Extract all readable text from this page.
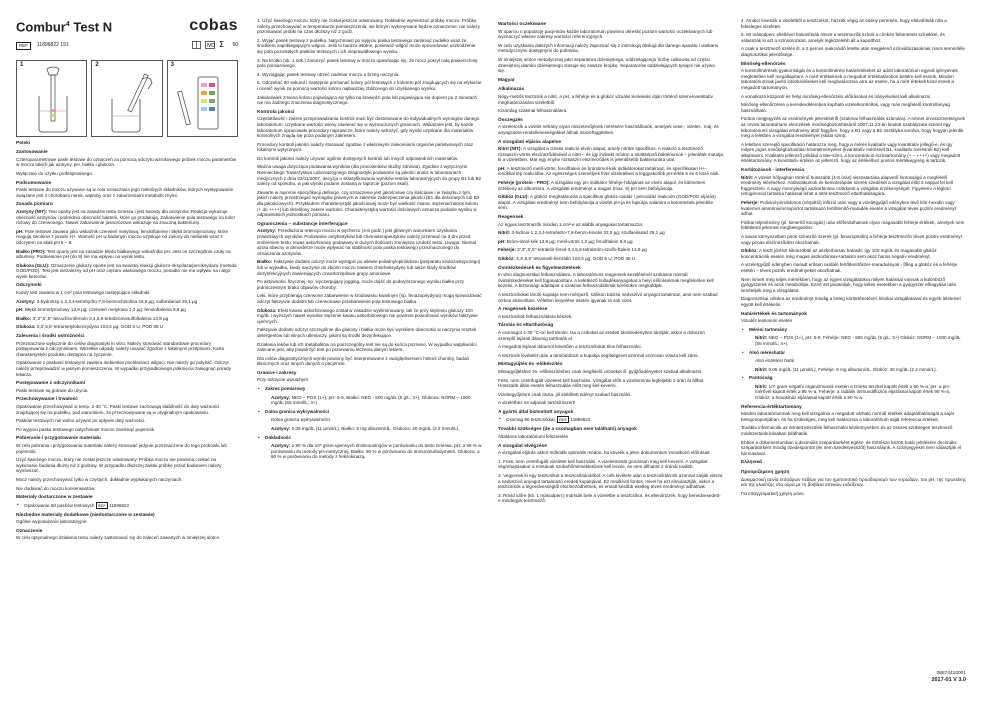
Combur$^4$ Test N	cobas
REF	11896822 191	IVD Σ 50
1	2	3
Polski
Zastosowanie

Czteroparametrowe paski testowe do oznaczeń za pomocą odczytu wzrokowego próbek moczu parametrów w moczu takich jak azotyny, pH, białko i glukoza.

Wyłącznie do użytku profesjonalnego.

Podsumowanie

Paski testowe do moczu używane są w celu oznaczania jego niektórych składników, których występowanie związane jest z chorobami nerek, wątroby oraz z zaburzeniami metabolicznymi.

Zasada pomiaru

Azotyny (NIT): Test oparty jest na zasadzie testu Griessa i jest swoisty dla azotynów. Reakcja wykazuje obecność azotynów i pośrednio obecność bakterii, które go produkują. Zabarwienie pola testowego na kolor różowy do czerwonego. Nawet zabarwienie jasnoróżowe wskazuje na znaczną bakteriurię.

pH: Pole testowe zawiera jako wskaźnik czerwień metylową, fenoloftaleinę i błękit bromotymolowy, które reagują swoiście z jonami H+. Wartość pH w badanym moczu uzyskuje od zielony do niebieski wraz z odczytem na skali pH 5 – 9.

Białko (PRO): Test oparty jest na zasadzie błędu białkowego wskaźnika pH. Jest on szczególnie czuły na albuminy. Podniesione pH (do 9) nie ma wpływu na wynik testu.

Glukoza (GLU): Oznaczenie glukozy oparte jest na swoistej reakcji glukozo-oksydaza/peroksydaza (metoda GOD/POD). Test jest niezależny od pH oraz ciężaru właściwego moczu, ponadto nie ma wpływu na niego wynik ketonów.

Odczynniki

Każdy test zawiera w 1 cm² pola testowego następujące składniki:

Azotyny: 3-hydroksy-1,2,3,4-tetrahydro-7,8-benzochinolina 33,5 µg; sulfanilamid 29,1 µg

pH: Błękit bromotymolowy 13,9 µg; czerwień metylowa 1,2 µg; fenoloftaleina 8,6 µg

Białko: 3',3'',5',5''-tetrachlorofenolo-3,4,5,6-tetrabromosulfoftaleina 13,9 µg

Glukoza: 3,3',5,5'-tetrametylobenzydyna 103,5 µg; GOD 6 U, POD 35 U

Zalecenia i środki ostrożności

Przeznaczone wyłącznie do celów diagnostyki in vitro. Należy stosować standardowe procedury postępowania z odczynnikami. Wszelkie odpady należy usuwać zgodnie z lokalnymi przepisami. Karta charakterystyki produktu dostępna na życzenie.

Opakowanie z paskami testowymi zawiera niebieskie pochłaniacz wilgoci. Nie należy go połykać. Odczyt należy przeprowadzić w jasnym pomieszczeniu. W wypadku przypadkowego połknięcia zasięgnąć porady lekarza.

Postępowanie z odczynnikami

Paski testowe są gotowe do użycia.

Przechowywanie i trwałość

Opakowanie przechowywać w temp. 2-30 °C. Paski testowe zachowują stabilność do daty ważności znajdującej się na pudełku, pod warunkiem, że przechowywane są w oryginalnym opakowaniu.

Pasków testowych nie wolno używać po upływie daty ważności.

Po wyjęciu paska testowego natychmiast mocno zamknąć pojemnik.

Pobieranie i przygotowanie materiału

W celu pobrania i przygotowania materiału należy stosować jedynie przeznaczone do tego probówki lub pojemniki.

Użyć świeżego moczu, który nie został jeszcze odwirowany. Próbka moczu nie powinna czekać na wykonanie badania dłużej niż 2 godziny. W przypadku dłuższej zwłoki próbkę przed badaniem należy wymieszać.

Mocz należy przechowywać tylko w czystych, dokładnie wypłukanych naczyniach.

Nie dodawać do moczu konserwantów.

Materiały dostarczone w zestawie

• Opakowanie 50 pasków testowych REF 11896822

Niezbędne materiały dodatkowe (niedostarczone w zestawie)

Ogólne wyposażenie laboratoryjne

Oznaczenie

W celu optymalnego działania testu należy zastosować się do zaleceń zawartych w niniejszej ulotce.

1. Użyć świeżego moczu, który nie został jeszcze odwirowany. Dokładnie wymieszać próbkę moczu. Próbkę należy przechowywać w temperaturze pomieszczenia, we którym wykonywane będzie oznaczenie: nie należy pozostawiać próbki na czas dłuższy niż 2 godz.

2. Wyjąć pasek testowy z pudełka. Natychmiast po wyjęciu paska testowego zamknąć pudełko wraz ze środkiem zapobiegającym wilgoci. Jeśli to bardzo istotne, ponieważ wilgoć może spowodować uszkodzenie się pola pozostałych pasków testowych i ich nieprawidłowego wyniku.

3. Na krótko (ok. 1 sek.) zanurzyć pasek testowy w moczu upewniając się, że mocz pokrył całą powierzchnię pola pomiarowego.

4. Wyciągając pasek testowy otrzeć nadmiar moczu o brzeg naczynia.

5. Odczekać 60 sekund i następnie porównać kolory pól testowych z kolorem pól znajdujących się na etykiecie i ocenić wynik za pomocą wartości koloru najbardziej zbliżonego do uzyskanego wyniku.

Jakakolwiek zmiana koloru pojawiająca się tylko na krawędzi pola lub pojawiająca się dopiero po 2 minutach nie ma żadnego znaczenia diagnostycznego.

Kontrola jakości

Częstotliwość i zakres przeprowadzania kontroli musi być dostosowane do indywidualnych wymogów danego laboratorium. Uzyskane wartości winny zawierać się w wyznaczonych granicach. Wskazane jest, by każde laboratorium opracowało procedury naprawcze, które należy wdrożyć, gdy wyniki uzyskane dla materiałów kontrolnych znajdą się poza podanym zakresem.

Procedury kontroli jakości należy stosować zgodnie z właściwymi zaleceniami organów państwowych oraz lokalnymi wytycznymi.

Do kontroli jakości należy używać ogólnie dostępnych kontroli lub innych odpowiednich materiałów.

Ważna uwaga dotycząca podawania wyników (dla pracowników służby zdrowia). Zgodnie z wytycznymi Niemieckiego Towarzystwa Laboratoryjnego Diagnostyki podawane są jakości analiz w laboratoriach medycznych z dnia 23/11/2007, decyzja o sklasyfikowaniu wyników testów laboratoryjnych do grupy B1 lub B2 zależy od sposobu, w jaki wyniki podane zostaną w raporcie (pozom skali).

Zawarte w raporcie specyfikacji definicje, czy oznaczenie jest jakościowe czy ilościowe i w związku z tym, jakich należy przestrzegać wymogów prawnych w zakresie zabezpieczenia jakości (B1 dla ilościowych lub B2 dla jakościowych). Przykładem charakterystyki jakościowej może być wielkość miana, stężenie/zakres koloru (+ do ++++) lub określony zakres wartości. Charakterystyką wartości ilościowych oznacza podanie wyniku w odpowiednich jednostkach pomiaru.

Ograniczenia – substancje interferujące

Azotyny: Przedłużona retencja moczu w pęcherzu (4-8 godz.) jest głównym warunkiem uzyskania prawdziwych wyników. Podawanie antybiotyków lub chemioterapeutyków należy przerwać na 3 dni przed zrobieniem testu. Kwas askorbinowy podawany w dużych ilościach zmniejsza czułość testu. Uwaga: Niemal azotu obecny w atmosferze może wpływać na stabilność pola paska testowego przeznaczonego do oznaczania azotynów.

Białko: Fałszywie dodatni odczyt może wystąpić po wlewie poliwinylopirolidonu (preparatu krwiozastępczego) lub w wypadku, kiedy naczynie do zbiórki moczu zawiera chlorheksydynę lub także ślady środków dezynfekcyjnych zawierających czwartorzędowe grupy amoniowe.

Po aktywności fizycznej, np. wyczerpujący jogging, może dojść do podwyższonego wyniku białka przy jednoczesnym braku objawów choroby.

Leki, które przybierają czerwone zabarwienie w środowisku kwaśnym (np. fenazopirydyna) mogą spowodować odczyt fałszywie dodatni lub czerwonawe przebarwienie pola testowego białka.

Glukoza: Efekt kwasu askorbinowego został w zasadzie wyeliminowany, tak że przy stężeniu glukozy 100 mg/dL i wyższym nawet wysokie stężenie kwasu askorbinowego nie powinno powodować wyników fałszywie ujemnych.

Fałszywie dodatni odczyt szczególnie dla glukozy i białka może być wynikiem obecności w naczyniu resztek detergentów lub silnych utleniaczy, jakimi są środki dezynfekujące.

Działania leków lub ich metabolitów na poszczególny test nie są do końca poznane. W wypadku wątpliwości zalecane jest, aby powtórzyć test po przerwaniu leczenia danym lekiem.

Dla celów diagnostycznych wyniki powinny być interpretowane z uwzględnieniem historii choroby, badań klinicznych oraz innych danych o pacjencie.

Granice i zakresy

Przy odczycie wizualnym

• Zakres pomiarowy

Azotyny: NEG – POS (1+), pH: 5-9, Białko: NEG - 500 mg/dL (5 g/L; 3+), Glukoza: NORM – 1000 mg/dL (55 mmol/L; 4+).

• Dolna granica wykrywalności

Dolna granica wykrywalności

Azotyny: 0.05 mg/dL (11 µmol/L), Białko: 6 mg albumin/dL, Glukoza: 40 mg/dL (2.2 mmol/L).

• Dokładność

Azotyny: ≥ 90 % dla 10⁵ gram-ujemnych drobnoustrojów w porównaniu do testu Griessa, pH: ≥ 95 % w porównaniu do metody pH-metrycznej, Białko: 90 % w porównaniu do immunoturbidymetrii, Glukoza: ≥ 90 % w porównaniu do metody z heksokinazą.

Wartości oczekiwane

W oparciu o populację pacjentów każde laboratorium powinno określić poziom wartości oczekiwanych lub wyznaczyć własne zakresy wartości referencyjnych.

W celu uzyskania dalszych informacji należy zapoznać się z instrukcją obsługi dla danego aparatu i ulotkami metodycznymi dostępnymi do pobrania.

W niniejszej ulotce metodycznej jako separatora dziesiętnego, oddzielającego liczbę całkowitą od części dziesiętnej ułamka dziesiętnego stosuje się zawsze kropkę. Separatorów oddzielających tysiące nie używa się.

Magyar
Alkalmazás

Négy-mezős tesztcsík a nitrit, a pH, a fehérje és a glükóz vizuális leolvasás útján történő szemi-kvantitatív meghatározására vizeletből.

Kizárólag szakmai felhasználásra.

Összegzés

A vizeletcsík a vizelet néhány olyan összetevőjének mérésére használhatók, amelyek vese-, vizelet-, máj- és anyagcsere-rendellenességekkel állnak összefüggésben.

A vizsgálati eljárás alapelve

Nitrit (NIT): A vizsgálat a Griess reakció elvén alapul, amely nitritre specifikus. A reakció a tesztmező rózsaszín-vörös elszíneződésével a nitrit – és így indirekt módon a nitrittképző baktériumok – jelenlétét mutatja ki a vizeletben. Már egy enyhe rózsaszín elszíneződés is jelentősebb bakteriuriára utal.

pH: A tesztmező metil-vörös, fenolftalein és brómtimol-kék indikátorokat tartalmaz, és specifikusan H+-ionokkal lép reakcióba. Az egészséges személyek friss vizeletében a leggyakoribb pH-érték 5 és 6 közé esik.

Fehérje (protein - PRO): A vizsgálat egy pH indikátor fehérje-hibájának az elvén alapul, és különösen érzékeny az albuminra. A vizsgálati eredményt a magas (max. 9) pH nem befolyásolja.

Glükóz (GLU): A glükóz-meghatározás a specifikus glükóz-oxidáz / peroxidáz reakción (GOD/POD eljárás) alapul. A vizsgálati eredményt nem befolyásolja a vizelet pH-ja és fajsúlya valamint a ketontestek jelenléte sem.

Reagensek

Az egyes tesztmezők minden 1 cm²-e az alábbi anyagokat tartalmazza:

Nitrit: 3-hidroxi-1,2,3,4-tetrahidro-7,8-benzo-kinolin 33,5 µg; szulfanilamid 29,1 µg

pH: Bróm-timol-kék 13,9 µg; metil-vörös 1,2 µg; fenolftalein 8,6 µg

Fehérje: 3',3'',5',5''-tetraklór-fenol-3,4,5,6-tetrabróm-szulfo-ftalein 13,9 µg

Glükóz: 3,3',5,5'-tetrametil-benzidin 103,5 µg; GOD 6 U, POD 35 U

Óvintézkedések és figyelmeztetések

In vitro diagnosztikai felhasználásra. A laboratóriumi reagensek kezelésénél szokásos normál óvintézkedéseket kell foganatosítani. A keletkező hulladékanyagokat a helyi előírásoknak megfelelően kell kezelni. A biztonsági adatlapot a szakmai felhasználóknak kérésükre megküldjük.

A tesztcsíkokat tároló kupakja nem-mérgező, szilikon bázisú nedvszívó anyagot tartalmaz, amit nem szabad orrban eltávolítani. Véletlen lenyelése esetén igyanak rá sok vizet.

A reagensek kezelése

A tesztcsíkok felhasználásra készek.

Tárolás és eltarthatóság

A csomagot 2-30 °C-on kell tárolni. Ha a csíkokat az eredeti tárolóedényben tárolják, akkor a dobozon szereplő lejárati dátumig tarthatók el.

A megadott lejárati dátumot követően a tesztcsíkokat tilos felhasználni.

A tesztcsík kivételét után a tárolódobozt a kupakja segítségével azonnal szorosan vissza kell zárni.

Mintagyűjtés és -előkészítés

Mintagyűjtéshez és -előkészítéshez csak megfelelő csöveket ill. gyűjtőedényeket szabad alkalmazni.

Friss, nem centrifugált vizeletet kell használni. Vizsgálat előtt a vizeletminta legfeljebb 2 órán át állhat. Hosszabb állás esetén felhasználás előtt meg kell keverni.

Vizeletgyűjtésre csak tiszta, jól kiöblített edényt szabad használni.

A vizelethez ne adjanak tartósítószert!

A gyártó által biztosított anyagok

• Csomag 50 tesztcsíkkal, REF 11896822

További szükséges (de a csomagban nem található) anyagok

Általános laboratóriumi felszerelés

A vizsgálat elvégzése

A vizsgálati eljárás akkor működik optimális módon, ha követik a jelen dokumentum vonatkozó előírásait.

1. Friss, nem centrifugált vizeletet kell használni. A vizeletmintát gondosan meg kell keverni. A vizsgálat végrehajtásakor a mintának szobahőmérsékletűnek kell lennie, és nem állhatott 2 óránál tovább.

2. Vegyenek ki egy tesztcsíkot a tesztcsíktárolóból. A csík kivétele után a tesztcsíktárolót azonnal zárják vissza a nedvszívó anyagot tartalmazó eredeti kupakjával. Ez rendkívül fontos, mivel ha ezt elmulasztják, akkor a tesztcsíkok a légnedvességtől elszíneződhetnek, és emiatt később esetleg téves eredményt adhatnak.

3. Rövid időre (kb. 1 másodperc) mártsák bele a vizeletbe a tesztcsíkot, és ellenőrizzék, hogy benedvesedett-e mindegyik tesztmező.

4. Amikor kiveszik a vizeletből a tesztcsíkot, húzzák végig az edény peremén, hogy eltávolítsák róla a felesleges vizeletet.

5. 60 másodperc elteltével hasonlítsák össze a tesztmezők színét a címkén feltüntetett színekkel, és válasszák ki azt a színsorozatot, amelyik legközelebb áll a kapotthoz.

A csak a tesztmező szélén ill. a 2 perces reakcióidő letelte után megjelenő színváltozásoknak nincs semmiféle diagnosztikai jelentősége.

Minőség-ellenőrzés

A kontrollmérések gyakoriságát és a kontrollmérési határértékeket az adott laboratórium egyedi igényeinek megfelelően kell megállapítani. A mért értékeknek a megadott értékhatárokon belülre kell esniük. Minden laboratóriumnak javító intézkedéseket kell meghatároznia arra az esetre, ha a mért értékek kívül esnek a megadott tartományon.

A vonatkozó központi és helyi minőség-ellenőrzési előírásokat és irányelveket kell alkalmazni.

Minőség-ellenőrzésre a kereskedelemben kapható vizeletkontrollok, vagy más megfelelő kontrollanyag használható.

Fontos megjegyzés az eredmények jelentéséről (szakmai felhasználók számára). A német orvosszövetségnek az orvosi laboratóriumi elemzések minőségbiztosításáról 2007.11.23-án kiadott szabályzata szerint egy laboratóriumi vizsgálati eredmény attól függően, hogy a B1 vagy a B2 osztályba sorolva, hogy hogyan jelentik meg a leletben a vizsgálat eredményét (skála szint).

A leletben szereplő specifikáció határozza meg, hogy a mérés kvalitatív vagy kvantitatív jellegű-e, és így milyen jogos minőségbiztosítási követelményeket (kvantitatív mérésnél B1, kvalitatív mérésnél B2) kell alkalmazni. Kvalitatív jellemző például a titer-szint, a koncentráció-/színtartomány (+ – ++++) vagy megadott értéktartomány. A kvantitatív értékre az jellemző, hogy az értékélhez pontos mértékegység is tartozik.

Korlátozások - interferencia

Nitrit: A vizelet hólyagban történő hosszabb (4-8 órás) visszatartása alapvető fontosságú a megfelelő eredmény eléréséhez. Antibiotikumok és kemoterápiás szerek szedését a vizsgálat előtt 3 nappal fel kell függeszteni. A nagy mennyiségű aszkorbinsav csökkenti a vizsgálat érzékenységét. Figyelem! A légköri nitrogénoxid tartalma hatással lehet a nitrit-tesztmező eltarthatóságára.

Fehérje: Polivinil-pirrolidonos (vérpótló) infúzió után vagy a vizeletgyűjtő edényben lévő klór-hexidin vagy kvaterner ammóniumcsoportot tartalmazó fertőtlenítő-maradék esetén a vizsgálat téves pozitív eredményt adhat.

Fizikai teljesítmény (pl. kimerítő kocogás) után előfordulhatnak olyan magasabb fehérje értékek, amelyek nem feltétlenül jeleznek megbetegedést.

A savas környezetben piros színezőé szerek (pl. fenazopiridin) a fehérje tesztmezőn téves pozitív eredményt vagy piroas elszíneződést okozhatnak.

Glükóz: A teszt jórészt kiküszöböli az aszkorbinsav hatását, így 100 mg/dL és magasabb glükóz koncentrációk esetén még magas aszkorbinsav-tartalom sem okoz hamis negatív eredményt.

A vizeletgyűjtő edényben maradt erősen oxidáló fertőtlenítőszer-maradványok - főleg a glükóz és a fehérje esetén – téves pozitív eredményeket okozhatnak.

Nem ismert még teljes mértékben, hogy az egyes vizsgálatokra milyen hatással vannak a különböző gyógyszerek és azok metabolitjai. Ezért azt javasoljuk, hogy kétes esetekben a gyógyszer elhagyása után ismételjék meg a vizsgálatot.

Diagnosztikai célokra az eredményt mindig a beteg kórtörténetével, klinikai vizsgálataival és egyéb leleteivel együtt kell értékelni.

Határértékek és tartományok

Vizuális leolvasás esetén

• Mérési tartomány

Nitrit: NEG – POS (1+), pH: 5-9, Fehérje: NEG - 500 mg/dL (5 g/L; 3+) Glükóz: NORM – 1000 mg/dL (55 mmol/L; 4+).

• Alsó méréshatár

Alsó észlelési határ

Nitrit: 0.05 mg/dL (11 µmol/L), Fehérje: 6 mg albumin/dL, Glükóz: 40 mg/dL (2.2 mmol/L).

• Pontosság

Nitrit: 10⁵ gram-negatív organizmusok esetén a Griess teszttel kapott érték ≥ 90 %-a, pH: a pH-mérővel kapott érték ≥ 95 %-a, Fehérje: a radiális immundiffúziós eljárással kapott érték 90 %-a, Glükóz: a hexokináz eljárással kapott érték ≥ 90 %-a.

Referencia-értéktartomány

Minden laboratóriumnak meg kell vizsgálnia a megadott várható normál értékek adaptálhatóságát a saját betegcsoportjában, és ha szükséges, meg kell határoznia a laboratórium saját referencia értékeit.

További információk az érintett készülék felhasználói kézikönyvében és az összes szükséges tesztmező módszertanleírásában találhatók.

Ebben a dokumentumban a decimális szeparátorként egész- és törtrésze között határ jelölésére decimális szeparátorként mindig tizedespontot (és nem tizedesvesszőt) használunk. A számjegyeket nem választják el hármasával.

Ελληνικά
Προοριζόμενη χρήση

Δοκιμαστική ταινία τεσσάρων πεδίων για τον ημιποσοτικό προσδιορισμό των νιτρωδών, του pH, της πρωτεΐνης και της γλυκόζης στα ούρα με τη βοήθεια οπτικών ενδείξεων.

Για επαγγελματική χρήση μόνο.

08874410001
2017-01 V 3.0
